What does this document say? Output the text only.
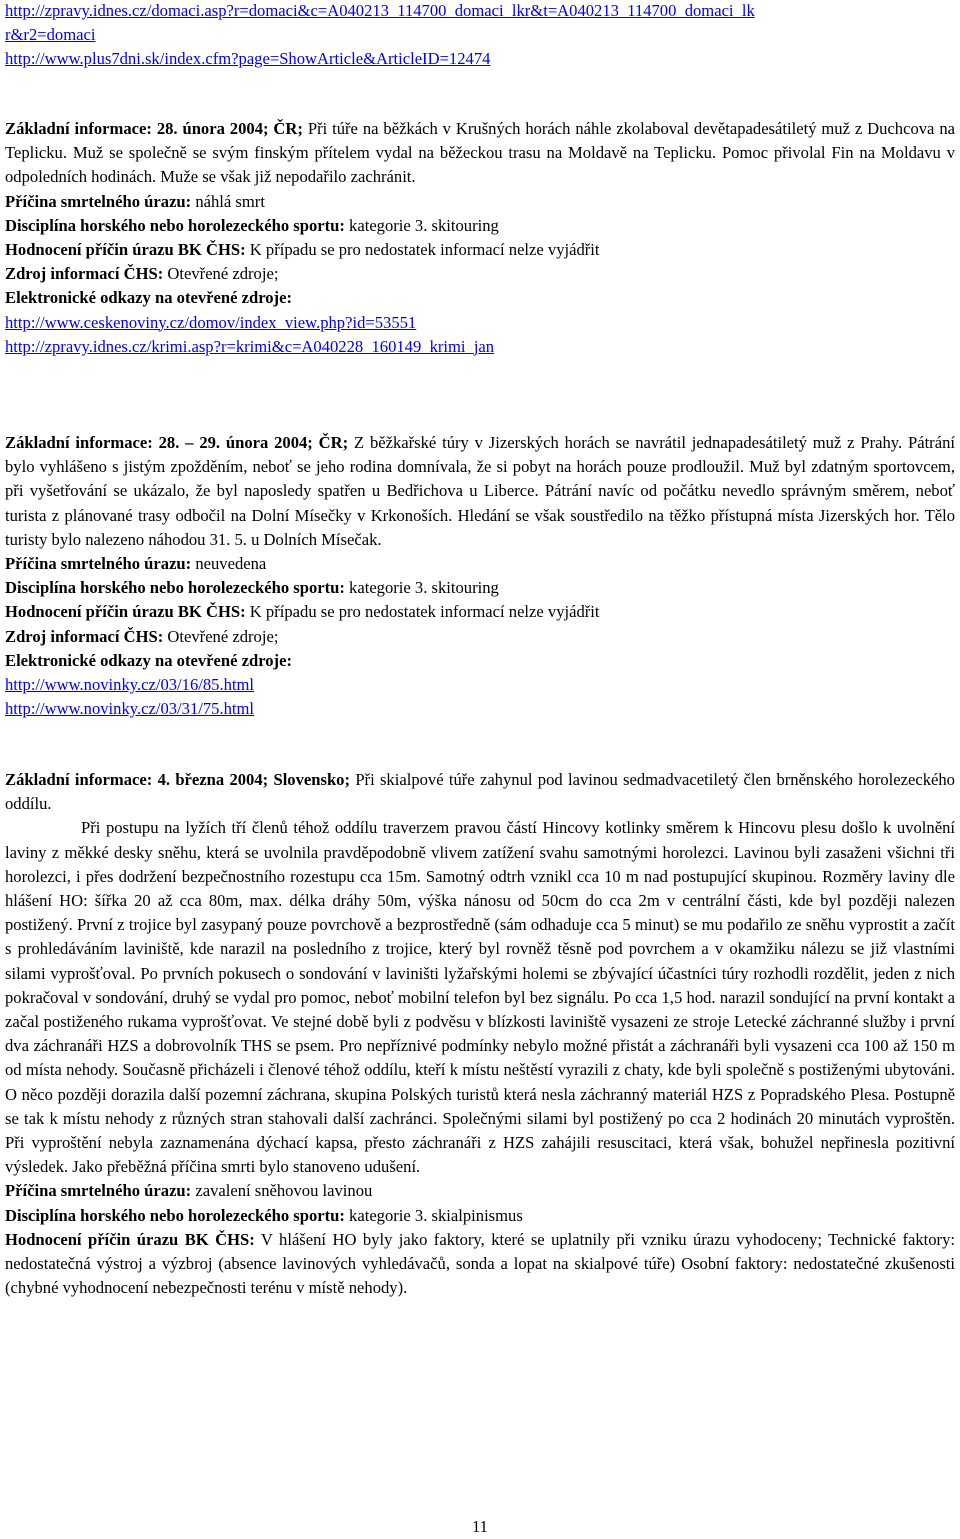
http://zpravy.idnes.cz/domaci.asp?r=domaci&c=A040213_114700_domaci_lkr&t=A040213_114700_domaci_lk

r&r2=domaci

http://www.plus7dni.sk/index.cfm?page=ShowArticle&ArticleID=12474

Základní informace: 28. února 2004; ČR; Při túře na běžkách v Krušných horách náhle zkolaboval devětapadesátiletý muž z Duchcova na Teplicku. Muž se společně se svým finským přítelem vydal na běžeckou trasu na Moldavě na Teplicku. Pomoc přivolal Fin na Moldavu v odpoledních hodinách. Muže se však již nepodařilo zachránit.

Příčina smrtelného úrazu: náhlá smrt

Disciplína horského nebo horolezeckého sportu: kategorie 3. skitouring

Hodnocení příčin úrazu BK ČHS: K případu se pro nedostatek informací nelze vyjádřit

Zdroj informací ČHS: Otevřené zdroje;

Elektronické odkazy na otevřené zdroje:

http://www.ceskenoviny.cz/domov/index_view.php?id=53551

http://zpravy.idnes.cz/krimi.asp?r=krimi&c=A040228_160149_krimi_jan

Základní informace: 28. – 29. února 2004; ČR; Z běžkařské túry v Jizerských horách se navrátil jednapadesátiletý muž z Prahy. Pátrání bylo vyhlášeno s jistým zpožděním, neboť se jeho rodina domnívala, že si pobyt na horách pouze prodloužil. Muž byl zdatným sportovcem, při vyšetřování se ukázalo, že byl naposledy spatřen u Bedřichova u Liberce. Pátrání navíc od počátku nevedlo správným směrem, neboť turista z plánované trasy odbočil na Dolní Mísečky v Krkonoších. Hledání se však soustředilo na těžko přístupná místa Jizerských hor. Tělo turisty bylo nalezeno náhodou 31. 5. u Dolních Mísečak.

Příčina smrtelného úrazu: neuvedena

Disciplína horského nebo horolezeckého sportu: kategorie 3. skitouring

Hodnocení příčin úrazu BK ČHS: K případu se pro nedostatek informací nelze vyjádřit

Zdroj informací ČHS: Otevřené zdroje;

Elektronické odkazy na otevřené zdroje:

http://www.novinky.cz/03/16/85.html

http://www.novinky.cz/03/31/75.html

Základní informace: 4. března 2004; Slovensko; Při skialpové túře zahynul pod lavinou sedmadvacetiletý člen brněnského horolezeckého oddílu.

Při postupu na lyžích tří členů téhož oddílu traverzem pravou částí Hincovy kotlinky směrem k Hincovu plesu došlo k uvolnění laviny z měkké desky sněhu, která se uvolnila pravděpodobně vlivem zatížení svahu samotnými horolezci. Lavinou byli zasaženi všichni tři horolezci, i přes dodržení bezpečnostního rozestupu cca 15m. Samotný odtrh vznikl cca 10 m nad postupující skupinou. Rozměry laviny dle hlášení HO: šířka 20 až cca 80m, max. délka dráhy 50m, výška nánosu od 50cm do cca 2m v centrální části, kde byl později nalezen postižený. První z trojice byl zasypaný pouze povrchově a bezprostředně (sám odhaduje cca 5 minut) se mu podařilo ze sněhu vyprostit a začít s prohledáváním laviniště, kde narazil na posledního z trojice, který byl rovněž těsně pod povrchem a v okamžiku nálezu se již vlastními silami vyprošťoval. Po prvních pokusech o sondování v laviništi lyžařskými holemi se zbývající účastníci túry rozhodli rozdělit, jeden z nich pokračoval v sondování, druhý se vydal pro pomoc, neboť mobilní telefon byl bez signálu. Po cca 1,5 hod. narazil sondující na první kontakt a začal postiženého rukama vyprošťovat. Ve stejné době byli z podvěsu v blízkosti laviniště vysazeni ze stroje Letecké záchranné služby i první dva záchranáři HZS a dobrovolník THS se psem. Pro nepříznivé podmínky nebylo možné přistát a záchranáři byli vysazeni cca 100 až 150 m od místa nehody. Současně přicházeli i členové téhož oddílu, kteří k místu neštěstí vyrazili z chaty, kde byli společně s postiženými ubytováni. O něco později dorazila další pozemní záchrana, skupina Polských turistů která nesla záchranný materiál HZS z Popradského Plesa. Postupně se tak k místu nehody z různých stran stahovali další zachránci. Společnými silami byl postižený po cca 2 hodinách 20 minutách vyproštěn. Při vyproštění nebyla zaznamenána dýchací kapsa, přesto záchranáři z HZS zahájili resuscitaci, která však, bohužel nepřinesla pozitivní výsledek. Jako přeběžná příčina smrti bylo stanoveno udušení.

Příčina smrtelného úrazu: zavalení sněhovou lavinou

Disciplína horského nebo horolezeckého sportu: kategorie 3. skialpinismus

Hodnocení příčin úrazu BK ČHS: V hlášení HO byly jako faktory, které se uplatnily při vzniku úrazu vyhodoceny; Technické faktory: nedostatečná výstroj a výzbroj (absence lavinových vyhledávačů, sonda a lopat na skialpové túře) Osobní faktory: nedostatečné zkušenosti (chybné vyhodnocení nebezpečnosti terénu v místě nehody).

11
